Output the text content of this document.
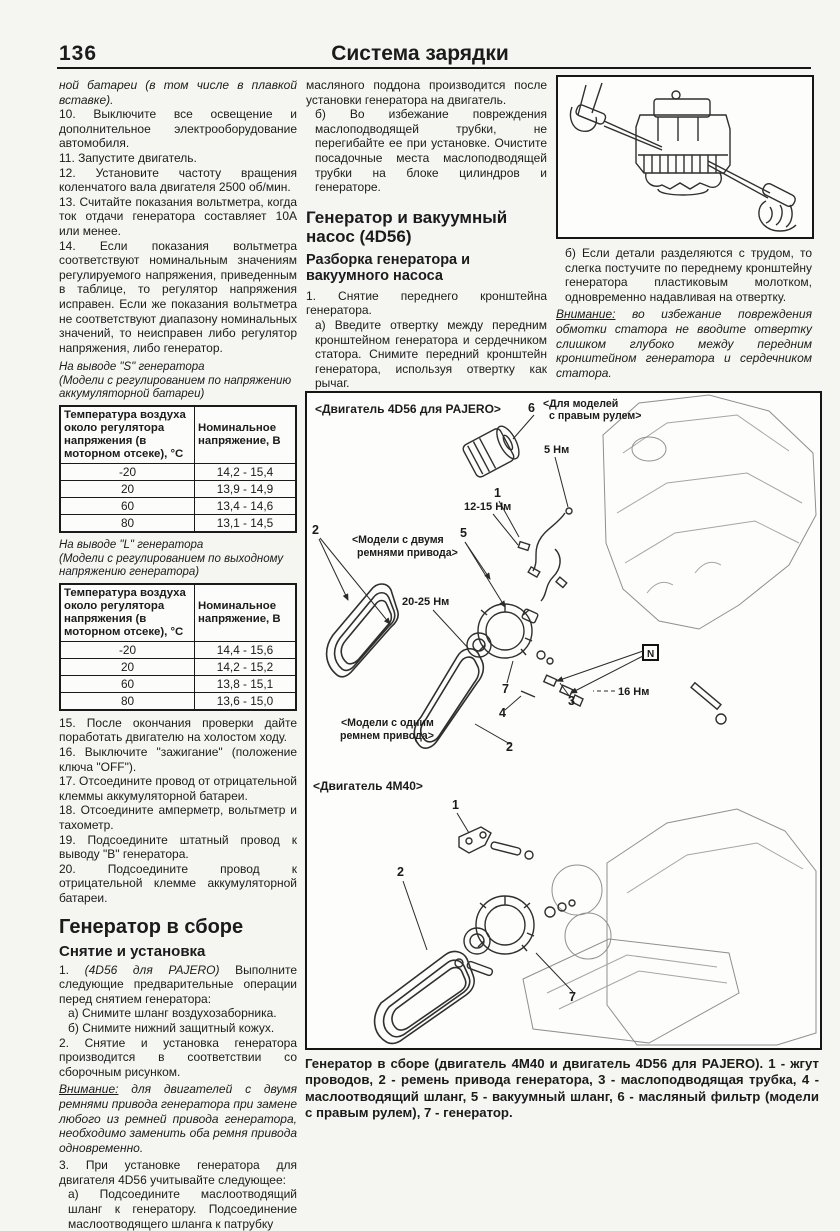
136	Система зарядки

ной батареи (в том числе в плавкой вставке).

10. Выключите все освещение и дополнительное электрооборудование автомобиля.

11. Запустите двигатель.

12. Установите частоту вращения коленчатого вала двигателя 2500 об/мин.

13. Считайте показания вольтметра, когда ток отдачи генератора составляет 10А или менее.

14. Если показания вольтметра соответствуют номинальным значениям регулируемого напряжения, приведенным в таблице, то регулятор напряжения исправен. Если же показания вольтметра не соответствуют диапазону номинальных значений, то неисправен либо регулятор напряжения, либо генератор.

На выводе "S" генератора
(Модели с регулированием по напряжению аккумуляторной батареи)

Температура воздуха около регулятора напряжения (в моторном отсеке), °С	Номинальное напряжение, В
-20	14,2 - 15,4
20	13,9 - 14,9
60	13,4 - 14,6
80	13,1 - 14,5

На выводе "L" генератора
(Модели с регулированием по выходному напряжению генератора)

Температура воздуха около регулятора напряжения (в моторном отсеке), °С	Номинальное напряжение, В
-20	14,4 - 15,6
20	14,2 - 15,2
60	13,8 - 15,1
80	13,6 - 15,0

15. После окончания проверки дайте поработать двигателю на холостом ходу.

16. Выключите "зажигание" (положение ключа "OFF").

17. Отсоедините провод от отрицательной клеммы аккумуляторной батареи.

18. Отсоедините амперметр, вольтметр и тахометр.

19. Подсоедините штатный провод к выводу "B" генератора.

20. Подсоедините провод к отрицательной клемме аккумуляторной батареи.

Генератор в сборе
Снятие и установка

1. (4D56 для PAJERO) Выполните следующие предварительные операции перед снятием генератора:

а) Снимите шланг воздухозаборника.

б) Снимите нижний защитный кожух.

2. Снятие и установка генератора производится в соответствии со сборочным рисунком.

Внимание: для двигателей с двумя ремнями привода генератора при замене любого из ремней привода генератора, необходимо заменить оба ремня привода одновременно.

3. При установке генератора для двигателя 4D56 учитывайте следующее:

а) Подсоедините маслоотводящий шланг к генератору. Подсоединение маслоотводящего шланга к патрубку

масляного поддона производится после установки генератора на двигатель.

б) Во избежание повреждения маслоподводящей трубки, не перегибайте ее при установке. Очистите посадочные места маслоподводящей трубки на блоке цилиндров и генераторе.

Генератор и вакуумный насос (4D56)
Разборка генератора и вакуумного насоса

1. Снятие переднего кронштейна генератора.

а) Введите отвертку между передним кронштейном генератора и сердечником статора. Снимите передний кронштейн генератора, используя отвертку как рычаг.

б) Если детали разделяются с трудом, то слегка постучите по переднему кронштейну генератора пластиковым молотком, одновременно надавливая на отвертку.

Внимание: во избежание повреждения обмотки статора не вводите отвертку слишком глубоко между передним кронштейном генератора и сердечником статора.

N
<Двигатель 4D56 для PAJERO> 6 <Для моделей
с правым рулем>
5 Нм
1
12-15 Нм
2
<Модели с двумя
ремнями привода>
5
20-25 Нм
16 Нм
7
4
3
2
<Модели с одним
ремнем привода>
<Двигатель 4М40>
1
2
7
Генератор в сборе (двигатель 4М40 и двигатель 4D56 для PAJERO). 1 - жгут проводов, 2 - ремень привода генератора, 3 - маслоподводящая трубка, 4 - маслоотводящий шланг, 5 - вакуумный шланг, 6 - масляный фильтр (модели с правым рулем), 7 - генератор.
